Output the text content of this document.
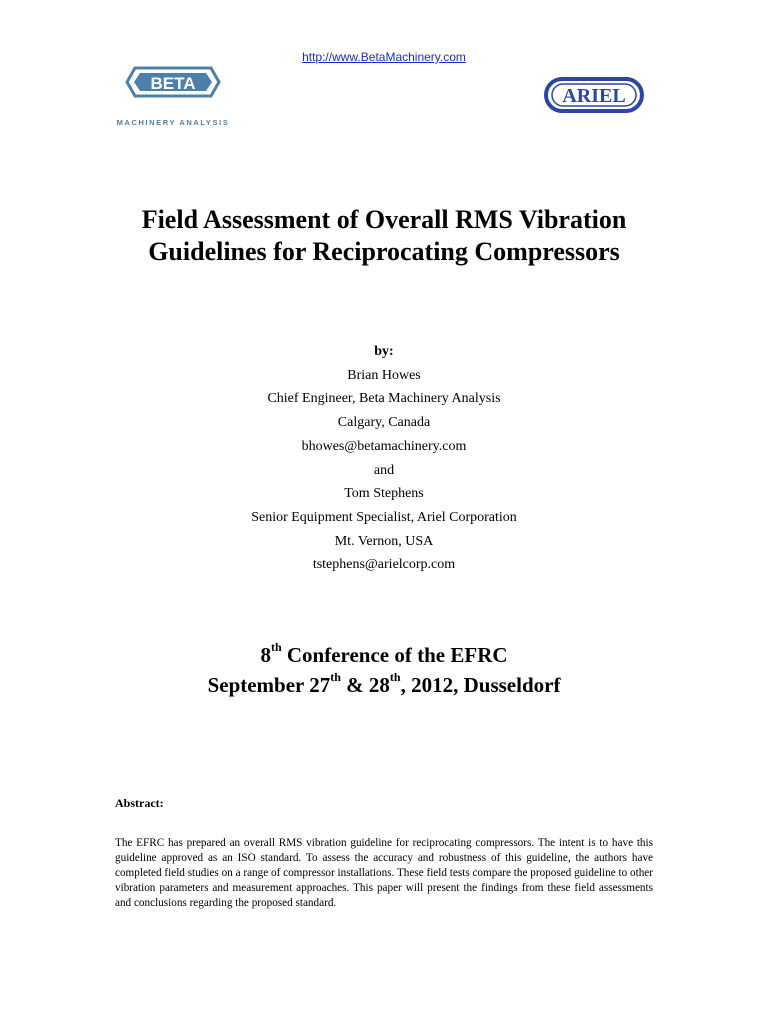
http://www.BetaMachinery.com
BETA
MACHINERY ANALYSIS
ARIEL
Field Assessment of Overall RMS Vibration
Guidelines for Reciprocating Compressors
by:
Brian Howes
Chief Engineer, Beta Machinery Analysis
Calgary, Canada
bhowes@betamachinery.com
and
Tom Stephens
Senior Equipment Specialist, Ariel Corporation
Mt. Vernon, USA
tstephens@arielcorp.com
8th Conference of the EFRC
September 27th & 28th, 2012, Dusseldorf
Abstract:

The EFRC has prepared an overall RMS vibration guideline for reciprocating compressors. The intent is to have this guideline approved as an ISO standard. To assess the accuracy and robustness of this guideline, the authors have completed field studies on a range of compressor installations. These field tests compare the proposed guideline to other vibration parameters and measurement approaches. This paper will present the findings from these field assessments and conclusions regarding the proposed standard.
